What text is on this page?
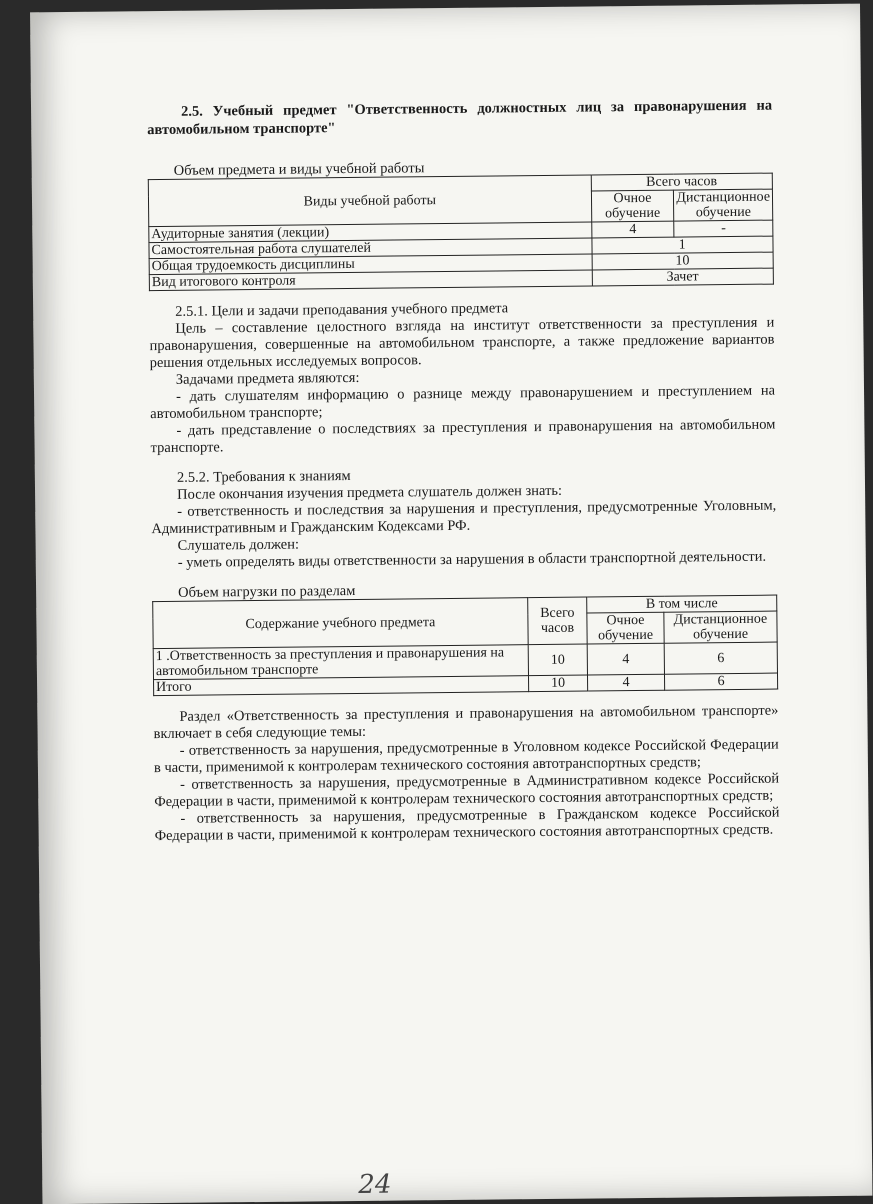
2.5. Учебный предмет "Ответственность должностных лиц за правонарушения на автомобильном транспорте"
Объем предмета и виды учебной работы
Виды учебной работы	Всего часов	
	Очное обучение	Дистанционное обучение
Аудиторные занятия (лекции)	4	-
Самостоятельная работа слушателей	1	
Общая трудоемкость дисциплины	10	
Вид итогового контроля	Зачет	

2.5.1. Цели и задачи преподавания учебного предмета

Цель – составление целостного взгляда на институт ответственности за преступления и правонарушения, совершенные на автомобильном транспорте, а также предложение вариантов решения отдельных исследуемых вопросов.

Задачами предмета являются:

- дать слушателям информацию о разнице между правонарушением и преступлением на автомобильном транспорте;

- дать представление о последствиях за преступления и правонарушения на автомобильном транспорте.

2.5.2. Требования к знаниям

После окончания изучения предмета слушатель должен знать:

- ответственность и последствия за нарушения и преступления, предусмотренные Уголовным, Административным и Гражданским Кодексами РФ.

Слушатель должен:

- уметь определять виды ответственности за нарушения в области транспортной деятельности.

Объем нагрузки по разделам
Содержание учебного предмета	Всего часов	В том числе	
		Очное обучение	Дистанционное обучение
1 .Ответственность за преступления и правонарушения на автомобильном транспорте	10	4	6
Итого	10	4	6

Раздел «Ответственность за преступления и правонарушения на автомобильном транспорте» включает в себя следующие темы:

- ответственность за нарушения, предусмотренные в Уголовном кодексе Российской Федерации в части, применимой к контролерам технического состояния автотранспортных средств;

- ответственность за нарушения, предусмотренные в Административном кодексе Российской Федерации в части, применимой к контролерам технического состояния автотранспортных средств;

- ответственность за нарушения, предусмотренные в Гражданском кодексе Российской Федерации в части, применимой к контролерам технического состояния автотранспортных средств.

24
